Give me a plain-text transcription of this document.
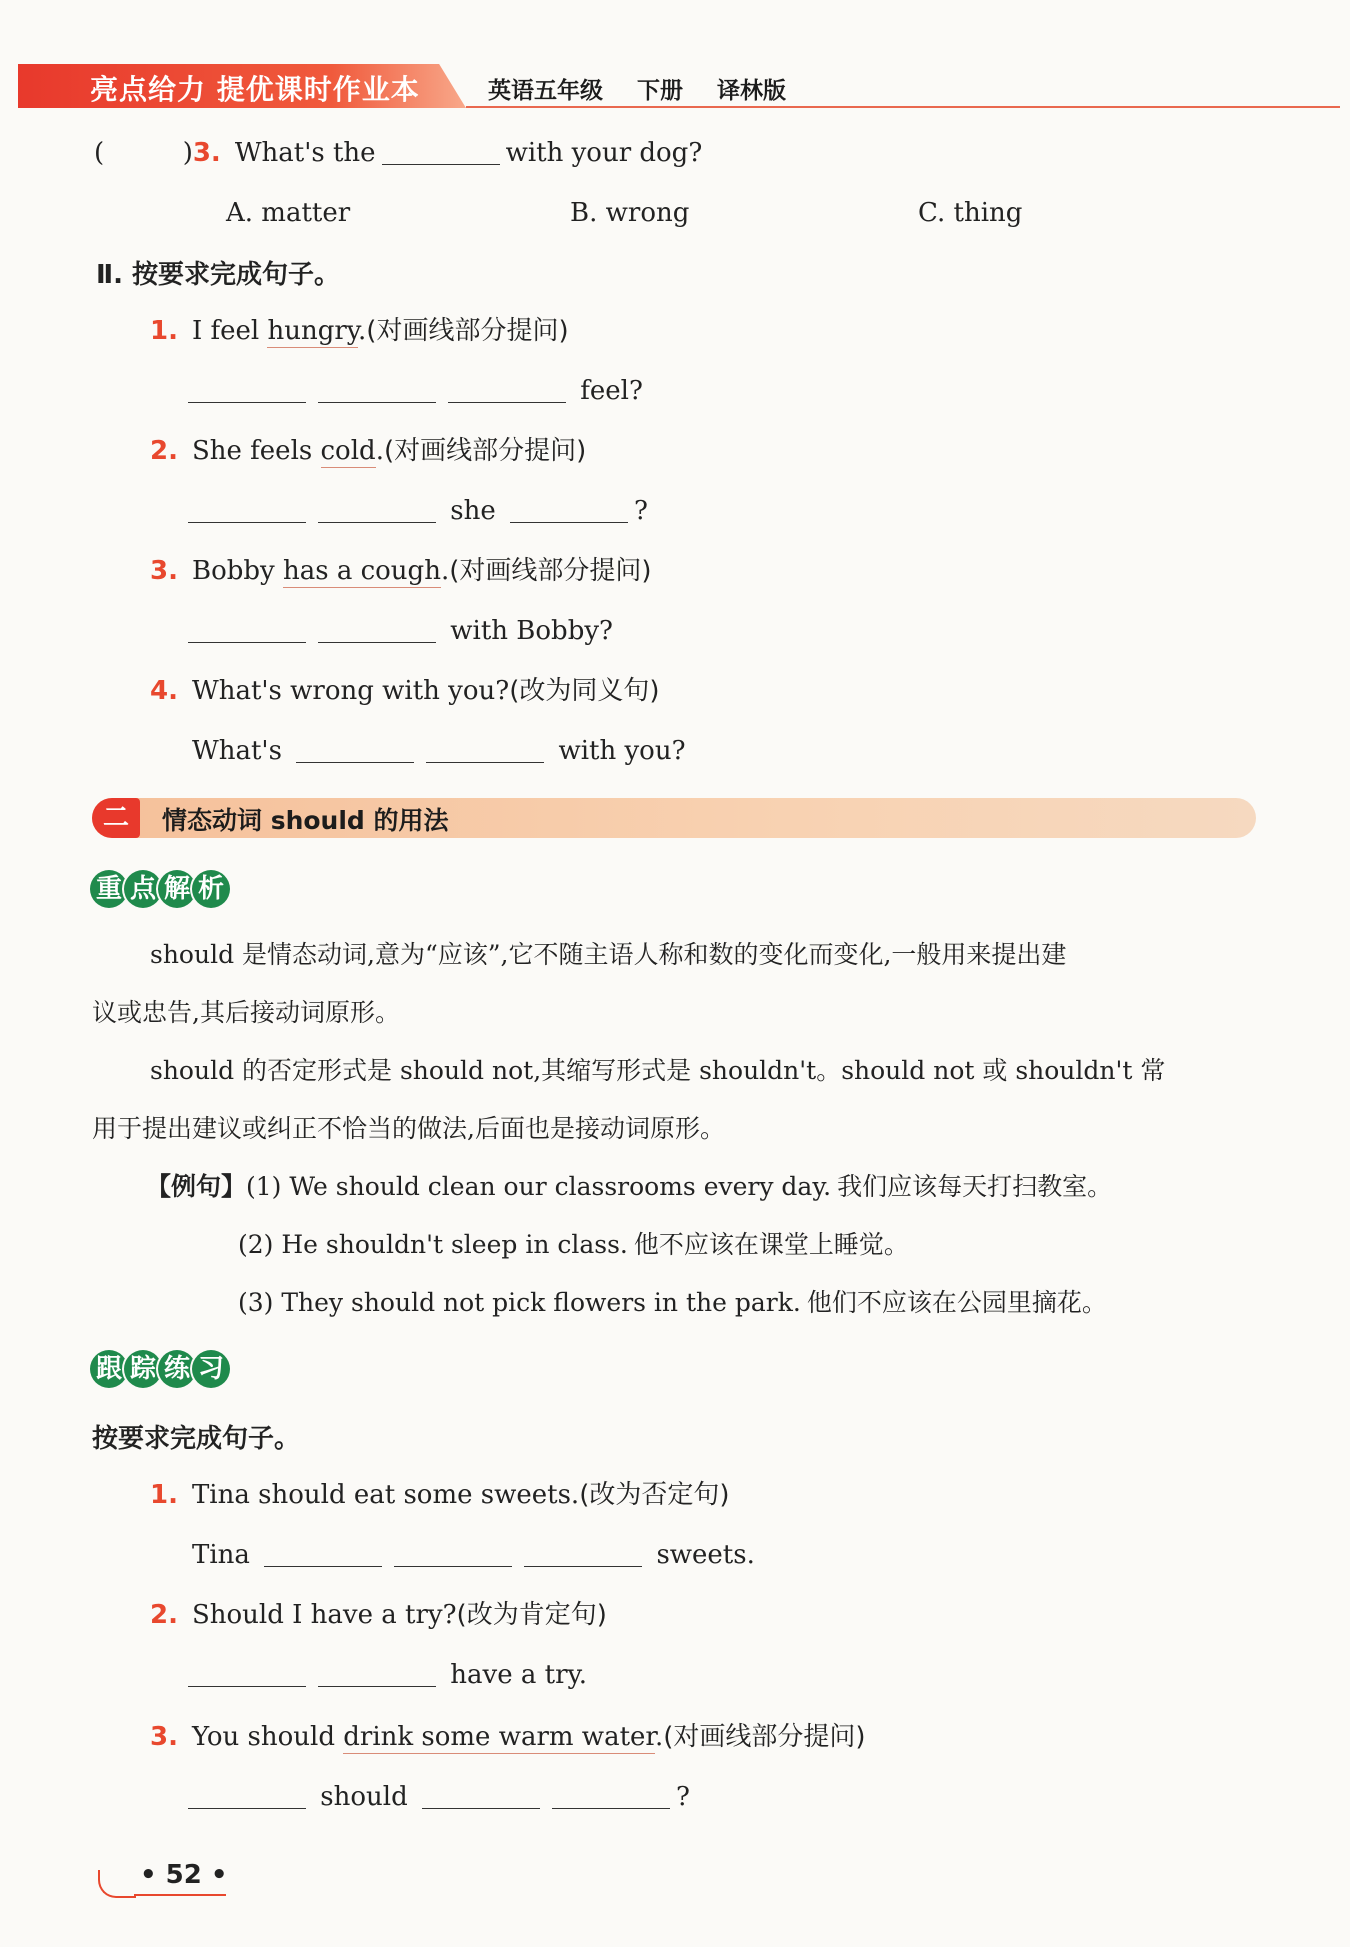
亮点给力 提优课时作业本	英语五年级 下册 译林版
(	)3. What's the	with your dog?
A. matter	B. wrong	C. thing
Ⅱ. 按要求完成句子。
1. I feel hungry.(对画线部分提问)
feel?
2. She feels cold.(对画线部分提问)
she	?
3. Bobby has a cough.(对画线部分提问)
with Bobby?
4. What's wrong with you?(改为同义句)
What's	with you?
二	情态动词 should 的用法
重 点 解 析
should 是情态动词,意为“应该”,它不随主语人称和数的变化而变化,一般用来提出建
议或忠告,其后接动词原形。
should 的否定形式是 should not,其缩写形式是 shouldn't。should not 或 shouldn't 常
用于提出建议或纠正不恰当的做法,后面也是接动词原形。
【例句】(1) We should clean our classrooms every day. 我们应该每天打扫教室。
(2) He shouldn't sleep in class. 他不应该在课堂上睡觉。
(3) They should not pick flowers in the park. 他们不应该在公园里摘花。
跟 踪 练 习
按要求完成句子。
1. Tina should eat some sweets.(改为否定句)
Tina	sweets.
2. Should I have a try?(改为肯定句)
have a try.
3. You should drink some warm water.(对画线部分提问)
should	?
• 52 •
